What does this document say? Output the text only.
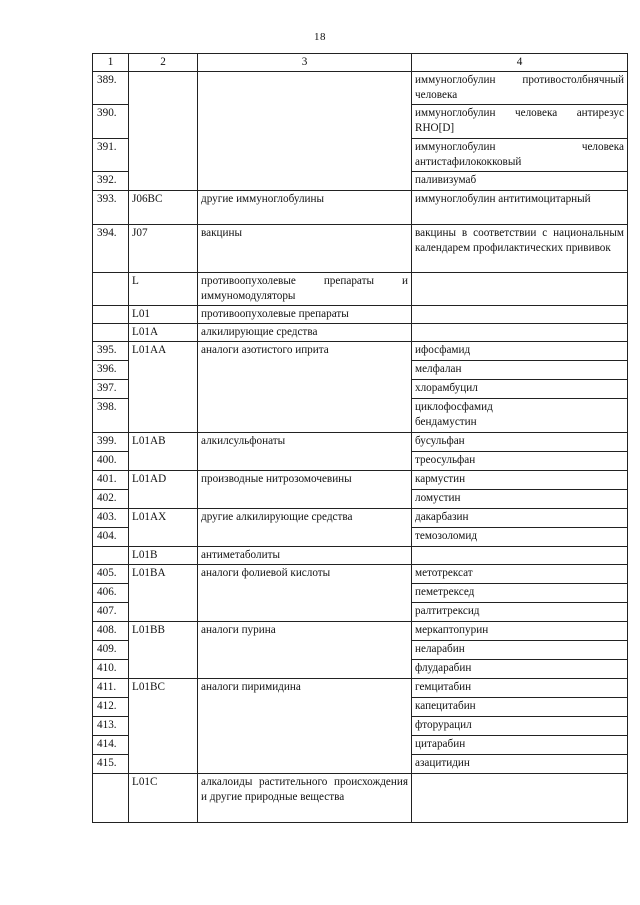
18
1	2	3	4
389.			иммуноглобулин противостолбнячный человека
390.			иммуноглобулин человека антирезус RHO[D]
391.			иммуноглобулин человека антистафилококковый
392.			паливизумаб
393.	J06BC	другие иммуноглобулины	иммуноглобулин антитимоцитарный
394.	J07	вакцины	вакцины в соответствии с национальным календарем профилактических прививок
	L	противоопухолевые препараты и иммуномодуляторы	
	L01	противоопухолевые препараты	
	L01A	алкилирующие средства	
395.	L01AA	аналоги азотистого иприта	ифосфамид
396.			мелфалан
397.			хлорамбуцил
398.			циклофосфамид бендамустин

399.	L01AB	алкилсульфонаты	бусульфан
400.			треосульфан
401.	L01AD	производные нитрозомочевины	кармустин
402.			ломустин
403.	L01AX	другие алкилирующие средства	дакарбазин
404.			темозоломид
	L01B	антиметаболиты	
405.	L01BA	аналоги фолиевой кислоты	метотрексат
406.			пеметрексед
407.			ралтитрексид
408.	L01BB	аналоги пурина	меркаптопурин
409.			неларабин
410.			флударабин
411.	L01BC	аналоги пиримидина	гемцитабин
412.			капецитабин
413.			фторурацил
414.			цитарабин
415.			азацитидин
	L01C	алкалоиды растительного происхождения и другие природные вещества	
